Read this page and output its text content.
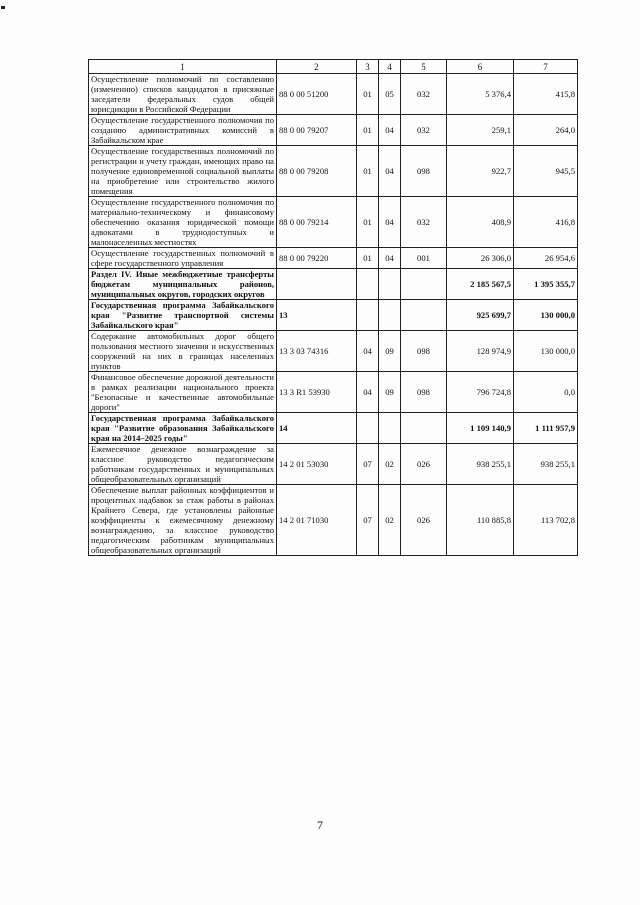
1	2	3	4	5	6	7
Осуществление полномочий по составлению (изменению) списков кандидатов в присяжные заседатели федеральных судов общей юрисдикции в Российской Федерации	88 0 00 51200	01	05	032	5 376,4	415,8
Осуществление государственного полномочия по созданию административных комиссий в Забайкальском крае	88 0 00 79207	01	04	032	259,1	264,0
Осуществление государственных полномочий по регистрации и учету граждан, имеющих право на получение единовременной социальной выплаты на приобретение или строительство жилого помещения	88 0 00 79208	01	04	098	922,7	945,5
Осуществление государственного полномочия по материально-техническому и финансовому обеспечению оказания юридической помощи адвокатами в труднодоступных и малонаселенных местностях	88 0 00 79214	01	04	032	408,9	416,8
Осуществление государственных полномочий в сфере государственного управления	88 0 00 79220	01	04	001	26 306,0	26 954,6
Раздел IV. Иные межбюджетные трансферты бюджетам муниципальных районов, муниципальных округов, городских округов					2 185 567,5	1 395 355,7
Государственная программа Забайкальского края "Развитие транспортной системы Забайкальского края"	13				925 699,7	130 000,0
Содержание автомобильных дорог общего пользования местного значения и искусственных сооружений на них в границах населенных пунктов	13 3 03 74316	04	09	098	128 974,9	130 000,0
Финансовое обеспечение дорожной деятельности в рамках реализации национального проекта "Безопасные и качественные автомобильные дороги"	13 3 R1 53930	04	09	098	796 724,8	0,0
Государственная программа Забайкальского края "Развитие образования Забайкальского края на 2014–2025 годы"	14				1 109 140,9	1 111 957,9
Ежемесячное денежное вознаграждение за классное руководство педагогическим работникам государственных и муниципальных общеобразовательных организаций	14 2 01 53030	07	02	026	938 255,1	938 255,1
Обеспечение выплат районных коэффициентов и процентных надбавок за стаж работы в районах Крайнего Севера, где установлены районные коэффициенты к ежемесячному денежному вознаграждению, за классное руководство педагогическим работникам муниципальных общеобразовательных организаций	14 2 01 71030	07	02	026	110 885,8	113 702,8
7
